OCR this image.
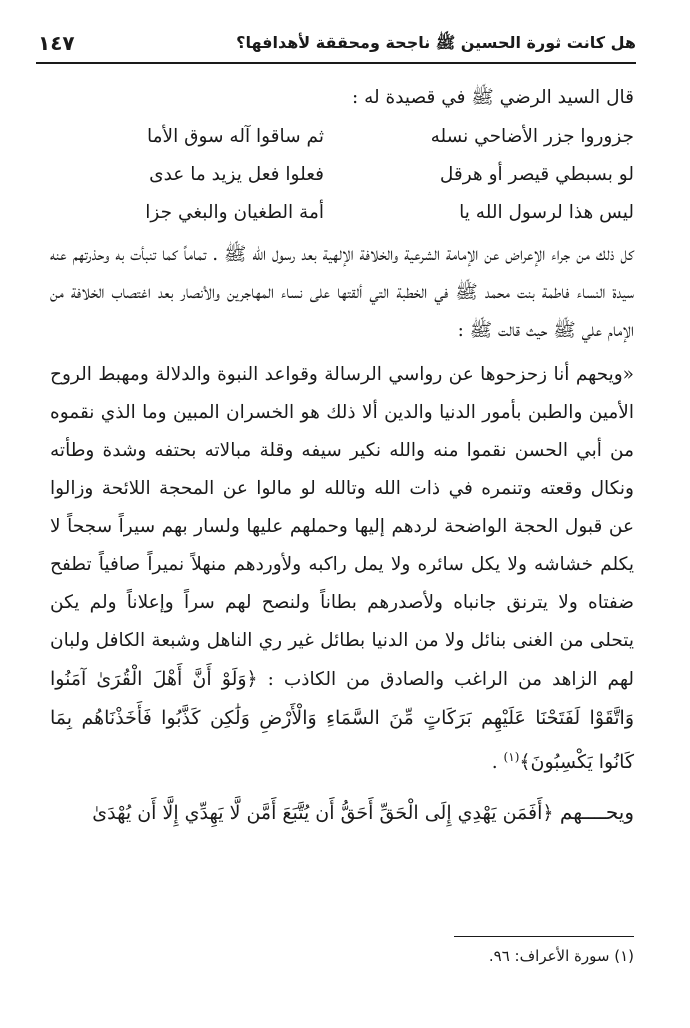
هل كانت ثورة الحسين ﷺ ناجحة ومحققة لأهدافها؟
١٤٧

قال السيد الرضي ﷺ في قصيدة له :

جزوروا جزر الأضاحي نسله
ثم ساقوا آله سوق الأما
لو بسبطي قيصر أو هرقل
فعلوا فعل يزيد ما عدى
ليس هذا لرسول الله يا
أمة الطغيان والبغي جزا

كل ذلك من جراء الإعراض عن الإمامة الشرعية والخلافة الإلهية بعد رسول الله ﷺ . تماماً كما تنبأت به وحذرتهم عنه سيدة النساء فاطمة بنت محمد ﷺ في الخطبة التي ألقتها على نساء المهاجرين والأنصار بعد اغتصاب الخلافة من الإمام علي ﷺ حيث قالت ﷺ :

«ويحهم أنا زحزحوها عن رواسي الرسالة وقواعد النبوة والدلالة ومهبط الروح الأمين والطبن بأمور الدنيا والدين ألا ذلك هو الخسران المبين وما الذي نقموه من أبي الحسن نقموا منه والله نكير سيفه وقلة مبالاته بحتفه وشدة وطأته ونكال وقعته وتنمره في ذات الله وتالله لو مالوا عن المحجة اللائحة وزالوا عن قبول الحجة الواضحة لردهم إليها وحملهم عليها ولسار بهم سيراً سجحاً لا يكلم خشاشه ولا يكل سائره ولا يمل راكبه ولأوردهم منهلاً نميراً صافياً تطفح ضفتاه ولا يترنق جانباه ولأصدرهم بطاناً ولنصح لهم سراً وإعلاناً ولم يكن يتحلى من الغنى بنائل ولا من الدنيا بطائل غير ري الناهل وشبعة الكافل ولبان لهم الزاهد من الراغب والصادق من الكاذب : ﴿وَلَوْ أَنَّ أَهْلَ الْقُرَىٰ آمَنُوا وَاتَّقَوْا لَفَتَحْنَا عَلَيْهِم بَرَكَاتٍ مِّنَ السَّمَاءِ وَالْأَرْضِ وَلَٰكِن كَذَّبُوا فَأَخَذْنَاهُم بِمَا كَانُوا يَكْسِبُونَ﴾$^{(١)}$ .

ويحــــهم ﴿أَفَمَن يَهْدِي إِلَى الْحَقِّ أَحَقُّ أَن يُتَّبَعَ أَمَّن لَّا يَهِدِّي إِلَّا أَن يُهْدَىٰ

(١) سورة الأعراف: ٩٦.
